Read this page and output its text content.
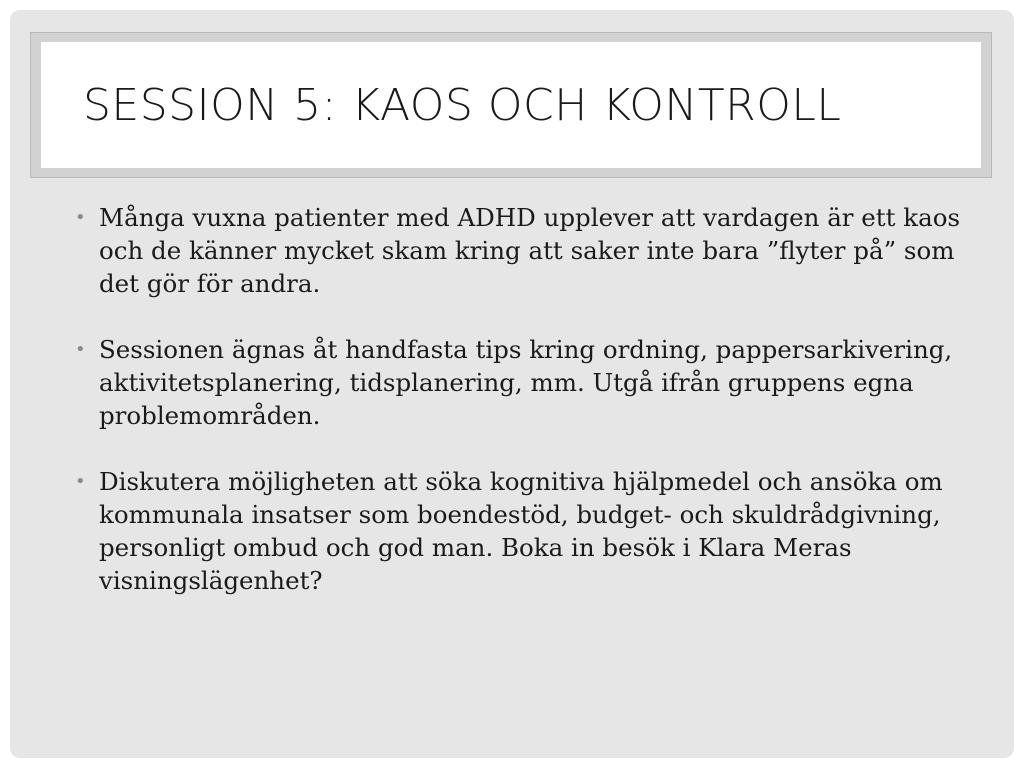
SESSION 5: KAOS OCH KONTROLL
• Många vuxna patienter med ADHD upplever att vardagen är ett kaos och de känner mycket skam kring att saker inte bara ”flyter på” som det gör för andra.
• Sessionen ägnas åt handfasta tips kring ordning, pappersarkivering, aktivitetsplanering, tidsplanering, mm. Utgå ifrån gruppens egna problemområden.
• Diskutera möjligheten att söka kognitiva hjälpmedel och ansöka om kommunala insatser som boendestöd, budget- och skuldrådgivning, personligt ombud och god man. Boka in besök i Klara Meras visningslägenhet?
